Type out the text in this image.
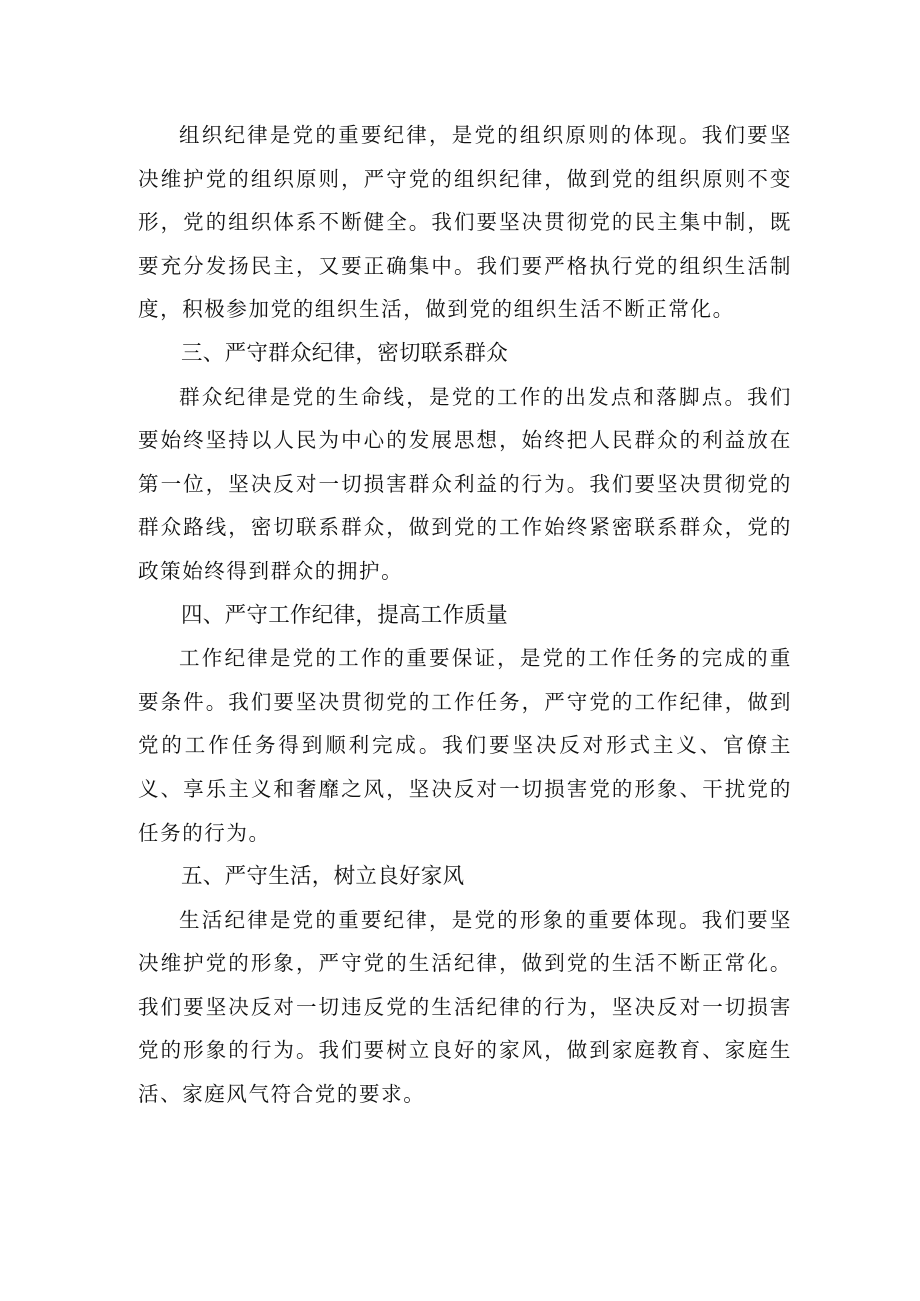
组织纪律是党的重要纪律，是党的组织原则的体现。我们要坚决维护党的组织原则，严守党的组织纪律，做到党的组织原则不变形，党的组织体系不断健全。我们要坚决贯彻党的民主集中制，既要充分发扬民主，又要正确集中。我们要严格执行党的组织生活制度，积极参加党的组织生活，做到党的组织生活不断正常化。

三、严守群众纪律，密切联系群众

群众纪律是党的生命线，是党的工作的出发点和落脚点。我们要始终坚持以人民为中心的发展思想，始终把人民群众的利益放在第一位，坚决反对一切损害群众利益的行为。我们要坚决贯彻党的群众路线，密切联系群众，做到党的工作始终紧密联系群众，党的政策始终得到群众的拥护。

四、严守工作纪律，提高工作质量

工作纪律是党的工作的重要保证，是党的工作任务的完成的重要条件。我们要坚决贯彻党的工作任务，严守党的工作纪律，做到党的工作任务得到顺利完成。我们要坚决反对形式主义、官僚主义、享乐主义和奢靡之风，坚决反对一切损害党的形象、干扰党的任务的行为。

五、严守生活，树立良好家风

生活纪律是党的重要纪律，是党的形象的重要体现。我们要坚决维护党的形象，严守党的生活纪律，做到党的生活不断正常化。我们要坚决反对一切违反党的生活纪律的行为，坚决反对一切损害党的形象的行为。我们要树立良好的家风，做到家庭教育、家庭生活、家庭风气符合党的要求。
